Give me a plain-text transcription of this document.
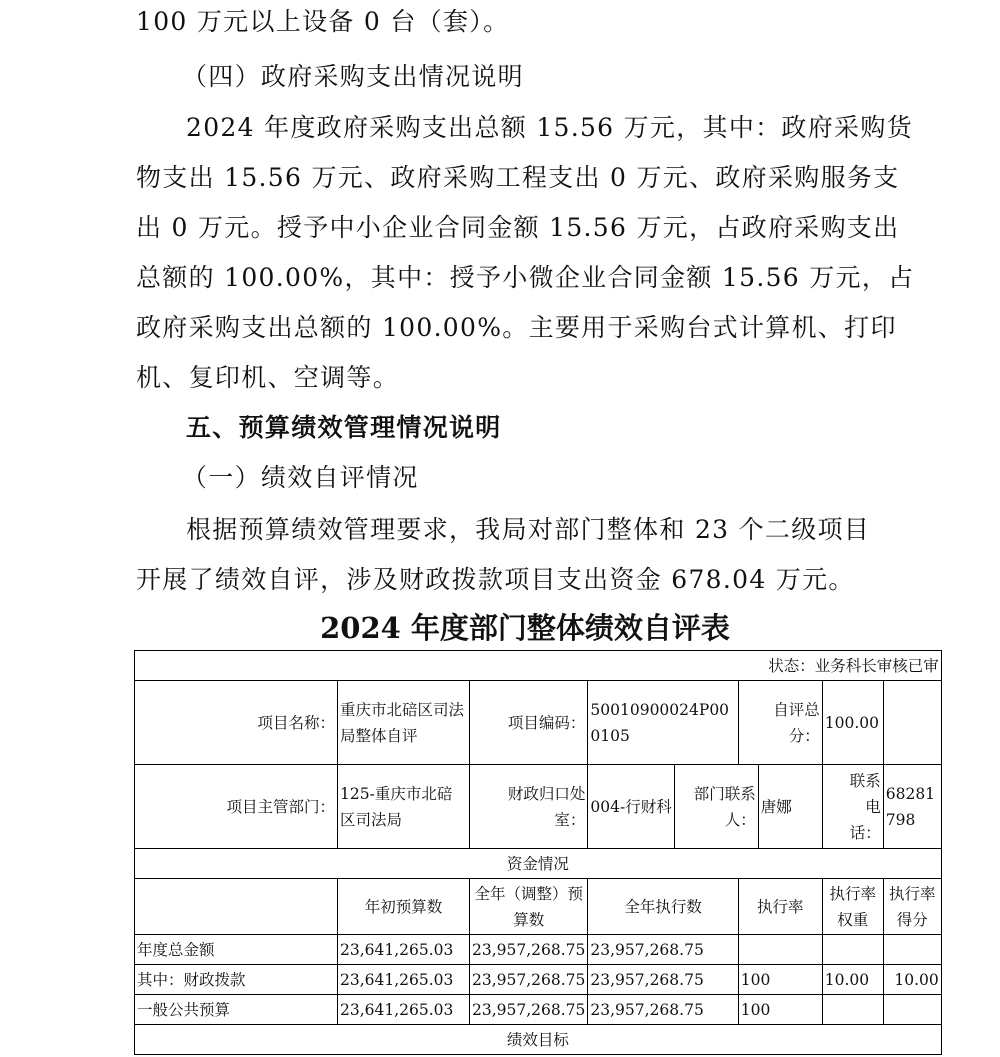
100 万元以上设备 0 台（套）。
（四）政府采购支出情况说明
2024 年度政府采购支出总额 15.56 万元，其中：政府采购货
物支出 15.56 万元、政府采购工程支出 0 万元、政府采购服务支
出 0 万元。授予中小企业合同金额 15.56 万元，占政府采购支出
总额的 100.00%，其中：授予小微企业合同金额 15.56 万元，占
政府采购支出总额的 100.00%。主要用于采购台式计算机、打印
机、复印机、空调等。
五、预算绩效管理情况说明
（一）绩效自评情况
根据预算绩效管理要求，我局对部门整体和 23 个二级项目
开展了绩效自评，涉及财政拨款项目支出资金 678.04 万元。
2024 年度部门整体绩效自评表
状态：业务科长审核已审								
项目名称：	重庆市北碚区司法局整体自评	项目编码：	50010900024P000105		自评总分：		100.00	
项目主管部门：	125-重庆市北碚区司法局	财政归口处室：	004-行财科	部门联系人：		唐娜	联系电话：	68281798
资金情况								
	年初预算数	全年（调整）预算数	全年执行数		执行率		执行率权重	执行率得分
年度总金额	23,641,265.03	23,957,268.75	23,957,268.75					
其中：财政拨款	23,641,265.03	23,957,268.75	23,957,268.75		100		10.00	10.00
一般公共预算	23,641,265.03	23,957,268.75	23,957,268.75		100			
绩效目标								
